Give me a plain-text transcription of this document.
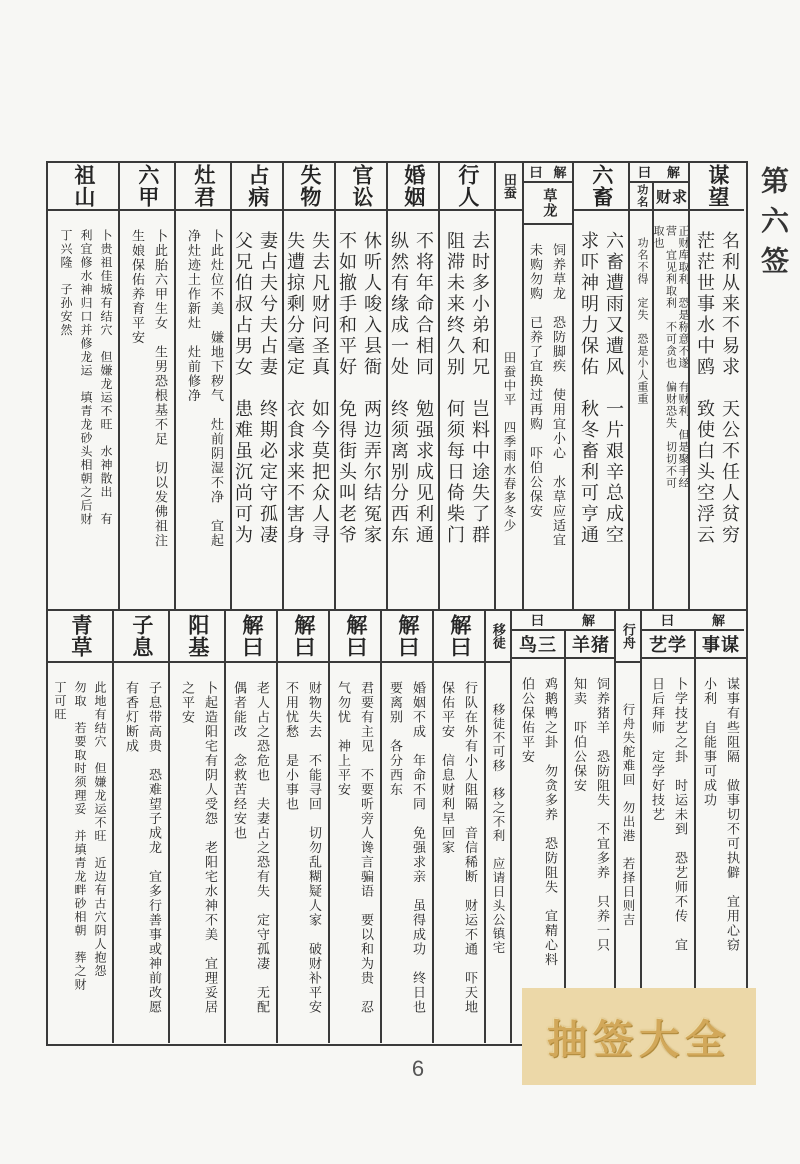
第六签
祖山
卜贵祖佳城有结穴　但嫌龙运不旺　水神散出　有
利宜修水神归口并修龙运　填青龙砂头相朝之后财
丁兴隆　子孙安然
六甲
卜此胎六甲生女　生男恐根基不足　切以发佛祖注
生娘保佑养育平安
灶君
卜此灶位不美　嫌地下秽气　灶前阴湿不净　宜起
净灶迹土作新灶　灶前修净
占病
妻占夫兮夫占妻　终期必定守孤凄
父兄伯叔占男女　患难虽沉尚可为
失物
失去凡财问圣真　如今莫把众人寻
失遭掠剩分毫定　衣食求来不害身
官讼
休听人唆入县衙　两边弄尔结冤家
不如撤手和平好　免得街头叫老爷
婚姻
不将年命合相同　勉强求成见利通
纵然有缘成一处　终须离别分西东
行人
去时多小弟和兄　岂料中途失了群
阻滞未来终久别　何须每日倚柴门
田蚕
田蚕中平　四季雨水春多冬少
曰 解
草龙
饲养草龙　恐防脚疾　使用宜小心　水草应适宜
未购勿购　已养了宜换过再购　吓伯公保安
六畜
六畜遭雨又遭风　一片艰辛总成空
求吓神明力保佑　秋冬畜利可亨通
曰	解
功名
功名不得　定失　恐是小人重重
财求
正财库取利　恐是称意不遂　有财利　但是聚手经
营　宜见利取利　不可贪也　偏财恐失　切切不可
取也
谋望
名利从来不易求　天公不任人贫穷
茫茫世事水中鸥　致使白头空浮云
青草
此地有结穴　但嫌龙运不旺　近边有古穴阴人抱怨
勿取　若要取时须理妥　并填青龙畔砂相朝　葬之财
丁可旺
子息
子息带高贵　恐难望子成龙　宜多行善事或神前改愿
有香灯断成
阳基
卜起造阳宅有阴人受怨　老阳宅水神不美　宜理妥居
之平安
解曰
老人占之恐危也　夫妻占之恐有失　定守孤凄　无配
偶者能改　念救苦经安也
解曰
财物失去　不能寻回　切勿乱糊疑人家　破财补平安
不用忧愁　是小事也
解曰
君要有主见　不要听旁人谗言骗语　要以和为贵　忍
气勿忧　神上平安
解曰
婚姻不成　年命不同　免强求亲　虽得成功　终日也
要离别　各分西东
解曰
行队在外有小人阻隔　音信稀断　财运不通　吓天地
保佑平安　信息财利早回家
移徒
移徒不可移　移之不利　应请日头公镇宅
曰	解
鸟三
鸡鹅鸭之卦　勿贪多养　恐防阻失　宜精心料
伯公保佑平安
羊猪
饲养猪羊　恐防阻失　不宜多养　只养一只
知卖　吓伯公保安
行舟
行舟失舵难回　勿出港　若择日则吉
曰	解
艺学
卜学技艺之卦　时运未到　恐艺师不传　宜
日后拜师　定学好技艺
事谋
谋事有些阻隔　做事切不可执僻　宜用心窃
小利　自能事可成功
抽签大全
6
